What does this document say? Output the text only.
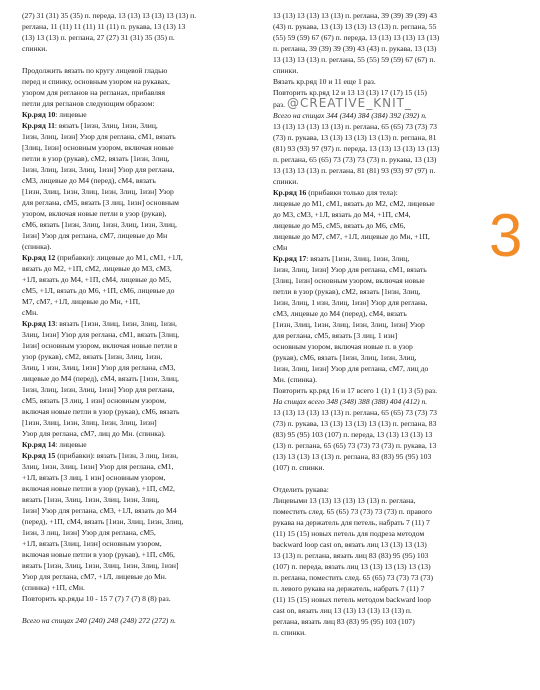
(27) 31 (31) 35 (35) п. переда, 13 (13) 13 (13) 13 (13) п.

реглана, 11 (11) 11 (11) 11 (11) п. рукава, 13 (13) 13

(13) 13 (13) п. реглана, 27 (27) 31 (31) 35 (35) п.

спинки.

Продолжить вязать по кругу лицевой гладью

перед и спинку, основным узором на рукавах,

узором для регланов на регланах, прибавляя

петли для регланов следующим образом:

Кр.ряд 10: лицевые

Кр.ряд 11: вязать [1изн, 3лиц, 1изн, 3лиц,

1изн, 3лиц, 1изн] Узор для реглана, сМ1, вязать

[3лиц, 1изн] основным узором, включая новые

петли в узор (рукав), сМ2, вязать [1изн, 3лиц,

1изн, 3лиц, 1изн, 3лиц, 1изн] Узор для реглана,

сМ3, лицевые до М4 (перед), сМ4, вязать

[1изн, 3лиц, 1изн, 3лиц, 1изн, 3лиц, 1изн] Узор

для реглана, сМ5, вязать [3 лиц, 1изн] основным

узором, включая новые петли в узор (рукав),

сМ6, вязать [1изн, 3лиц, 1изн, 3лиц, 1изн, 3лиц,

1изн] Узор для реглана, сМ7, лицевые до Мн

(спинка).

Кр.ряд 12 (прибавки): лицевые до М1, сМ1, +1Л,

вязать до М2, +1П, сМ2, лицевые до М3, сМ3,

+1Л, вязать до М4, +1П, сМ4, лицевые до М5,

сМ5, +1Л, вязать до М6, +1П, сМ6, лицевые до

М7, сМ7, +1Л, лицевые до Мн, +1П,

сМн.

Кр.ряд 13: вязать [1изн, 3лиц, 1изн, 3лиц, 1изн,

3лиц, 1изн] Узор для реглана, сМ1, вязать [3лиц,

1изн] основным узором, включая новые петли в

узор (рукав), сМ2, вязать [1изн, 3лиц, 1изн,

3лиц, 1 изн, 3лиц, 1изн] Узор для реглана, сМ3,

лицевые до М4 (перед), сМ4, вязать [1изн, 3лиц,

1изн, 3лиц, 1изн, 3лиц, 1изн] Узор для реглана,

сМ5, вязать [3 лиц, 1 изн] основным узором,

включая новые петли в узор (рукав), сМ6, вязать

[1изн, 3лиц, 1изн, 3лиц, 1изн, 3лиц, 1изн]

Узор для реглана, сМ7, лиц до Мн. (спинка).

Кр.ряд 14: лицевые

Кр.ряд 15 (прибавки): вязать [1изн, 3 лиц, 1изн,

3лиц, 1изн, 3лиц, 1изн] Узор для реглана, сМ1,

+1Л, вязать [3 лиц, 1 изн] основным узором,

включая новые петли в узор (рукав), +1П, сМ2,

вязать [1изн, 3лиц, 1изн, 3лиц, 1изн, 3лиц,

1изн] Узор для реглана, сМ3, +1Л, вязать до М4

(перед), +1П, сМ4, вязать [1изн, 3лиц, 1изн, 3лиц,

1изн, 3 лиц, 1изн] Узор для реглана, сМ5,

+1Л, вязать [3лиц, 1изн] основным узором,

включая новые петли в узор (рукав), +1П, сМ6,

вязать [1изн, 3лиц, 1изн, 3лиц, 1изн, 3лиц, 1изн]

Узор для реглана, сМ7, +1Л, лицевые до Мн.

(спинка) +1П, сМн.

Повторить кр.ряды 10 - 15 7 (7) 7 (7) 8 (8) раз.

Всего на спицах 240 (240) 248 (248) 272 (272) п.

13 (13) 13 (13) 13 (13) п. реглана, 39 (39) 39 (39) 43

(43) п. рукава, 13 (13) 13 (13) 13 (13) п. реглана, 55

(55) 59 (59) 67 (67) п. переда, 13 (13) 13 (13) 13 (13)

п. реглана, 39 (39) 39 (39) 43 (43) п. рукава, 13 (13)

13 (13) 13 (13) п. реглана, 55 (55) 59 (59) 67 (67) п.

спинки.

Вязать кр.ряд 10 и 11 еще 1 раз.

Повторить кр.ряд 12 и 13 13 (13) 17 (17) 15 (15)

раз. @CREATIVE_KNIT_

Всего на спицах 344 (344) 384 (384) 392 (392) п.

13 (13) 13 (13) 13 (13) п. реглана, 65 (65) 73 (73) 73

(73) п. рукава, 13 (13) 13 (13) 13 (13) п. реглана, 81

(81) 93 (93) 97 (97) п. переда, 13 (13) 13 (13) 13 (13)

п. реглана, 65 (65) 73 (73) 73 (73) п. рукава, 13 (13)

13 (13) 13 (13) п. реглана, 81 (81) 93 (93) 97 (97) п.

спинки.

Кр.ряд 16 (прибавки только для тела):

лицевые до М1, сМ1, вязать до М2, сМ2, лицевые

до М3, сМ3, +1Л, вязать до М4, +1П, сМ4,

лицевые до М5, сМ5, вязать до М6, сМ6,

лицевые до М7, сМ7, +1Л, лицевые до Мн, +1П,

сМн

Кр.ряд 17: вязать [1изн, 3лиц, 1изн, 3лиц,

1изн, 3лиц, 1изн] Узор для реглана, сМ1, вязать

[3лиц, 1изн] основным узором, включая новые

петли в узор (рукав), сМ2, вязать [1изн, 3лиц,

1изн, 3лиц, 1 изн, 3лиц, 1изн] Узор для реглана,

сМ3, лицевые до М4 (перед), сМ4, вязать

[1изн, 3лиц, 1изн, 3лиц, 1изн, 3лиц, 1изн] Узор

для реглана, сМ5, вязать [3 лиц, 1 изн]

основным узором, включая новые п. в узор

(рукав), сМ6, вязать [1изн, 3лиц, 1изн, 3лиц,

1изн, 3лиц, 1изн] Узор для реглана, сМ7, лиц до

Мн. (спинка).

Повторить кр.ряд 16 и 17 всего 1 (1) 1 (1) 3 (5) раз.

На спицах всего 348 (348) 388 (388) 404 (412) п.

13 (13) 13 (13) 13 (13) п. реглана, 65 (65) 73 (73) 73

(73) п. рукава, 13 (13) 13 (13) 13 (13) п. реглана, 83

(83) 95 (95) 103 (107) п. переда, 13 (13) 13 (13) 13

(13) п. реглана, 65 (65) 73 (73) 73 (73) п. рукава, 13

(13) 13 (13) 13 (13) п. реглана, 83 (83) 95 (95) 103

(107) п. спинки.

Отделить рукава:

Лицевыми 13 (13) 13 (13) 13 (13) п. реглана,

поместить след. 65 (65) 73 (73) 73 (73) п. правого

рукава на держатель для петель, набрать 7 (11) 7

(11) 15 (15) новых петель для подреза методом

backward loop cast on, вязать лиц 13 (13) 13 (13)

13 (13) п. реглана, вязать лиц 83 (83) 95 (95) 103

(107) п. переда, вязать лиц 13 (13) 13 (13) 13 (13)

п. реглана, поместить след. 65 (65) 73 (73) 73 (73)

п. левого рукава на держатель, набрать 7 (11) 7

(11) 15 (15) новых петель методом backward loop

cast on, вязать лиц 13 (13) 13 (13) 13 (13) п.

реглана, вязать лиц 83 (83) 95 (95) 103 (107)

п. спинки.

3
